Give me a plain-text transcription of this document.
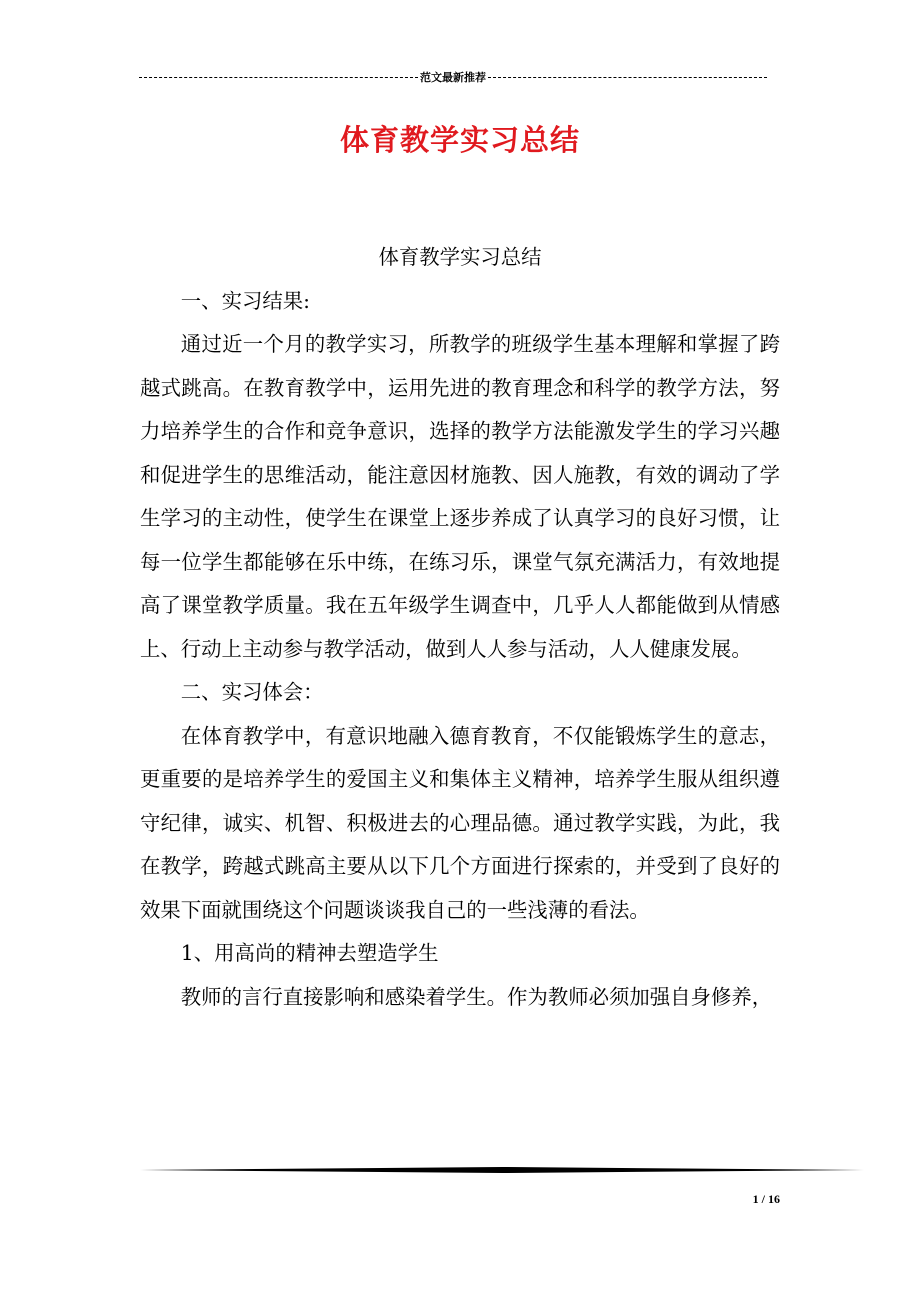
范文最新推荐
体育教学实习总结

体育教学实习总结

一、实习结果:

通过近一个月的教学实习，所教学的班级学生基本理解和掌握了跨越式跳高。在教育教学中，运用先进的教育理念和科学的教学方法，努力培养学生的合作和竞争意识，选择的教学方法能激发学生的学习兴趣和促进学生的思维活动，能注意因材施教、因人施教，有效的调动了学生学习的主动性，使学生在课堂上逐步养成了认真学习的良好习惯，让每一位学生都能够在乐中练，在练习乐，课堂气氛充满活力，有效地提高了课堂教学质量。我在五年级学生调查中，几乎人人都能做到从情感上、行动上主动参与教学活动，做到人人参与活动，人人健康发展。

二、实习体会：

在体育教学中，有意识地融入德育教育，不仅能锻炼学生的意志，更重要的是培养学生的爱国主义和集体主义精神，培养学生服从组织遵守纪律，诚实、机智、积极进去的心理品德。通过教学实践，为此，我在教学，跨越式跳高主要从以下几个方面进行探索的，并受到了良好的效果下面就围绕这个问题谈谈我自己的一些浅薄的看法。

1、用高尚的精神去塑造学生

教师的言行直接影响和感染着学生。作为教师必须加强自身修养，

1 / 16
